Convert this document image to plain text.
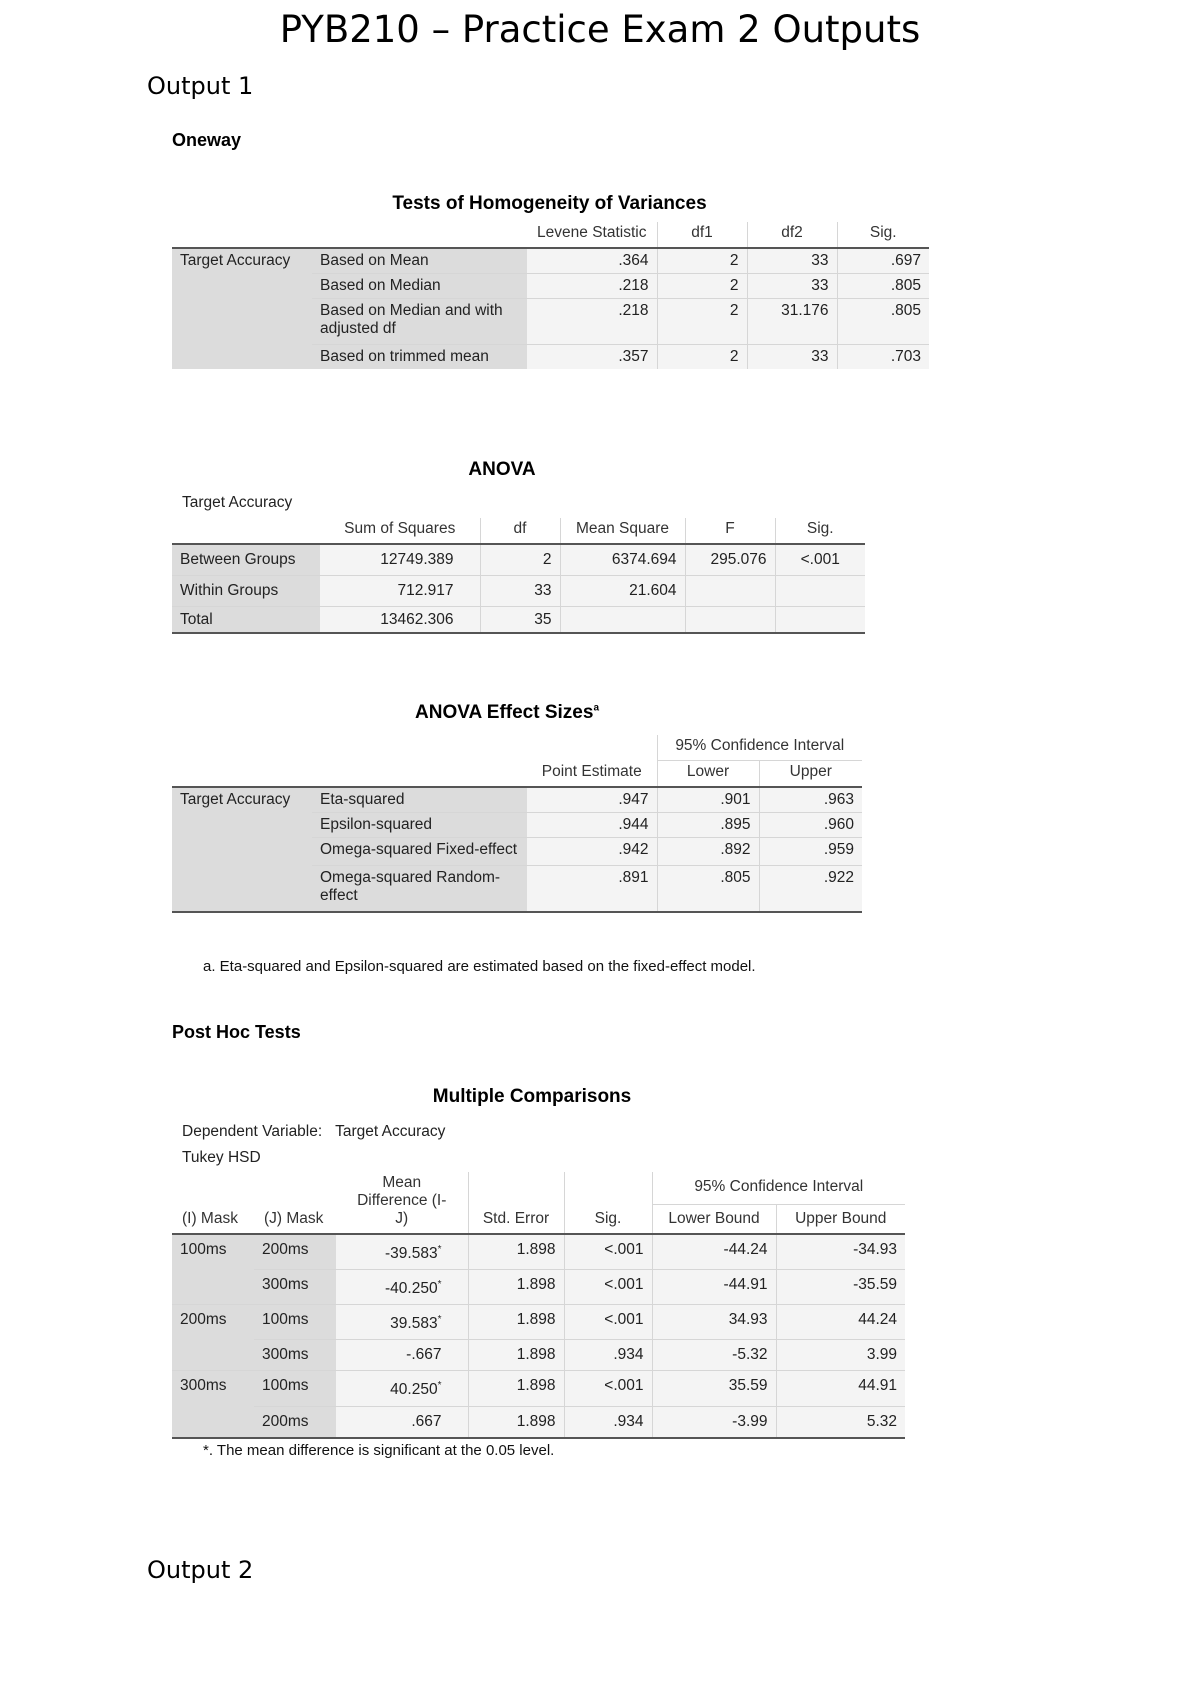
PYB210 – Practice Exam 2 Outputs
Output 1
Oneway
Tests of Homogeneity of Variances
		Levene Statistic	df1	df2	Sig.
Target Accuracy	Based on Mean	.364	2	33	.697
	Based on Median	.218	2	33	.805
	Based on Median and with adjusted df	.218	2	31.176	.805
	Based on trimmed mean	.357	2	33	.703
ANOVA
Target Accuracy
	Sum of Squares	df	Mean Square	F	Sig.
Between Groups	12749.389	2	6374.694	295.076	<.001
Within Groups	712.917	33	21.604		
Total	13462.306	35			
ANOVA Effect Sizes$^a$
		Point Estimate	95% Confidence Interval	
			Lower	Upper
Target Accuracy	Eta-squared	.947	.901	.963
	Epsilon-squared	.944	.895	.960
	Omega-squared Fixed-effect	.942	.892	.959
	Omega-squared Random-effect	.891	.805	.922
a. Eta-squared and Epsilon-squared are estimated based on the fixed-effect model.
Post Hoc Tests
Multiple Comparisons
Dependent Variable: Target Accuracy
Tukey HSD
(I) Mask	(J) Mask	Mean Difference (I-J)	Std. Error	Sig.	95% Confidence Interval	
					Lower Bound	Upper Bound
100ms	200ms	-39.583*	1.898	<.001	-44.24	-34.93
	300ms	-40.250*	1.898	<.001	-44.91	-35.59
200ms	100ms	39.583*	1.898	<.001	34.93	44.24
	300ms	-.667	1.898	.934	-5.32	3.99
300ms	100ms	40.250*	1.898	<.001	35.59	44.91
	200ms	.667	1.898	.934	-3.99	5.32
*. The mean difference is significant at the 0.05 level.
Output 2
